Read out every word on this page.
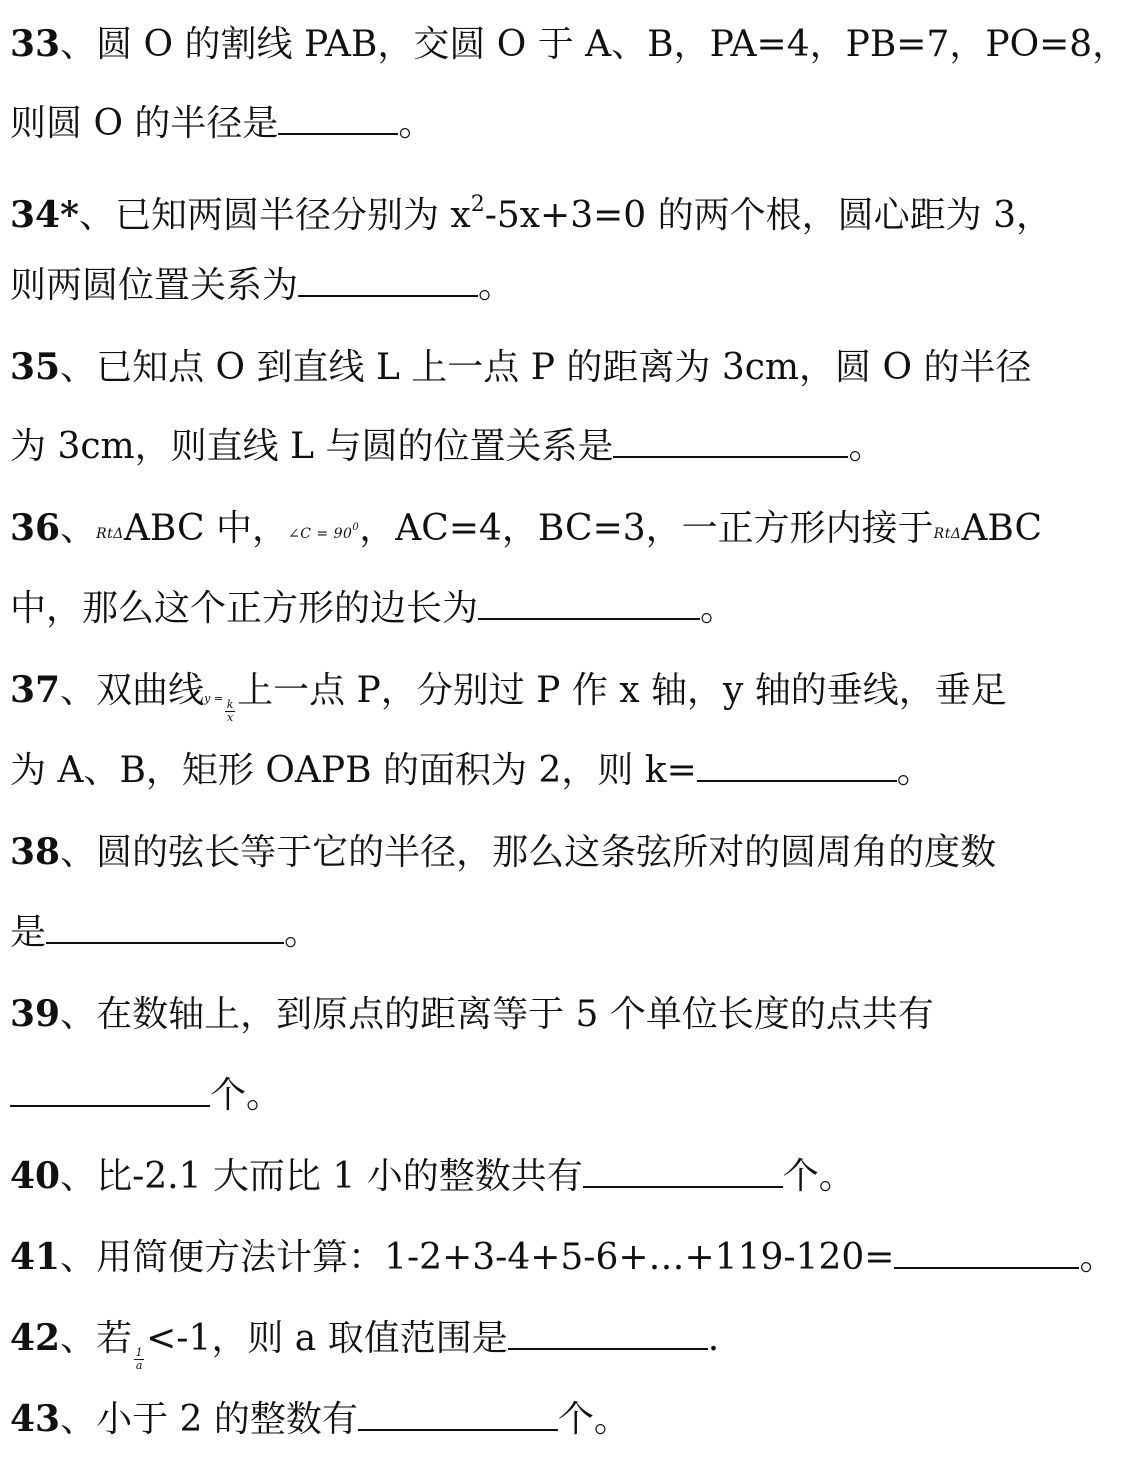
33、圆 O 的割线 PAB，交圆 O 于 A、B，PA=4，PB=7，PO=8，
则圆 O 的半径是	。
34*、已知两圆半径分别为 $x^2-5x+3=0$ 的两个根，圆心距为 3，
则两圆位置关系为	。
35、已知点 O 到直线 L 上一点 P 的距离为 3cm，圆 O 的半径
为 3cm，则直线 L 与圆的位置关系是	。
36、RtΔABC 中，∠C = $90^0$，AC=4，BC=3，一正方形内接于RtΔABC
中，那么这个正方形的边长为	。
37、双曲线y =
$\frac{k}{x}$
上一点 P，分别过 P 作 x 轴，y 轴的垂线，垂足
为 A、B，矩形 OAPB 的面积为 2，则 k=	。
38、圆的弦长等于它的半径，那么这条弦所对的圆周角的度数
是	。
39、在数轴上，到原点的距离等于 5 个单位长度的点共有
个。
40、比-2.1 大而比 1 小的整数共有	个。
41、用简便方法计算：1-2+3-4+5-6+…+119-120=	。
42、若
$\frac{1}{a}$
<-1，则 a 取值范围是	.
43、小于 2 的整数有	个。
